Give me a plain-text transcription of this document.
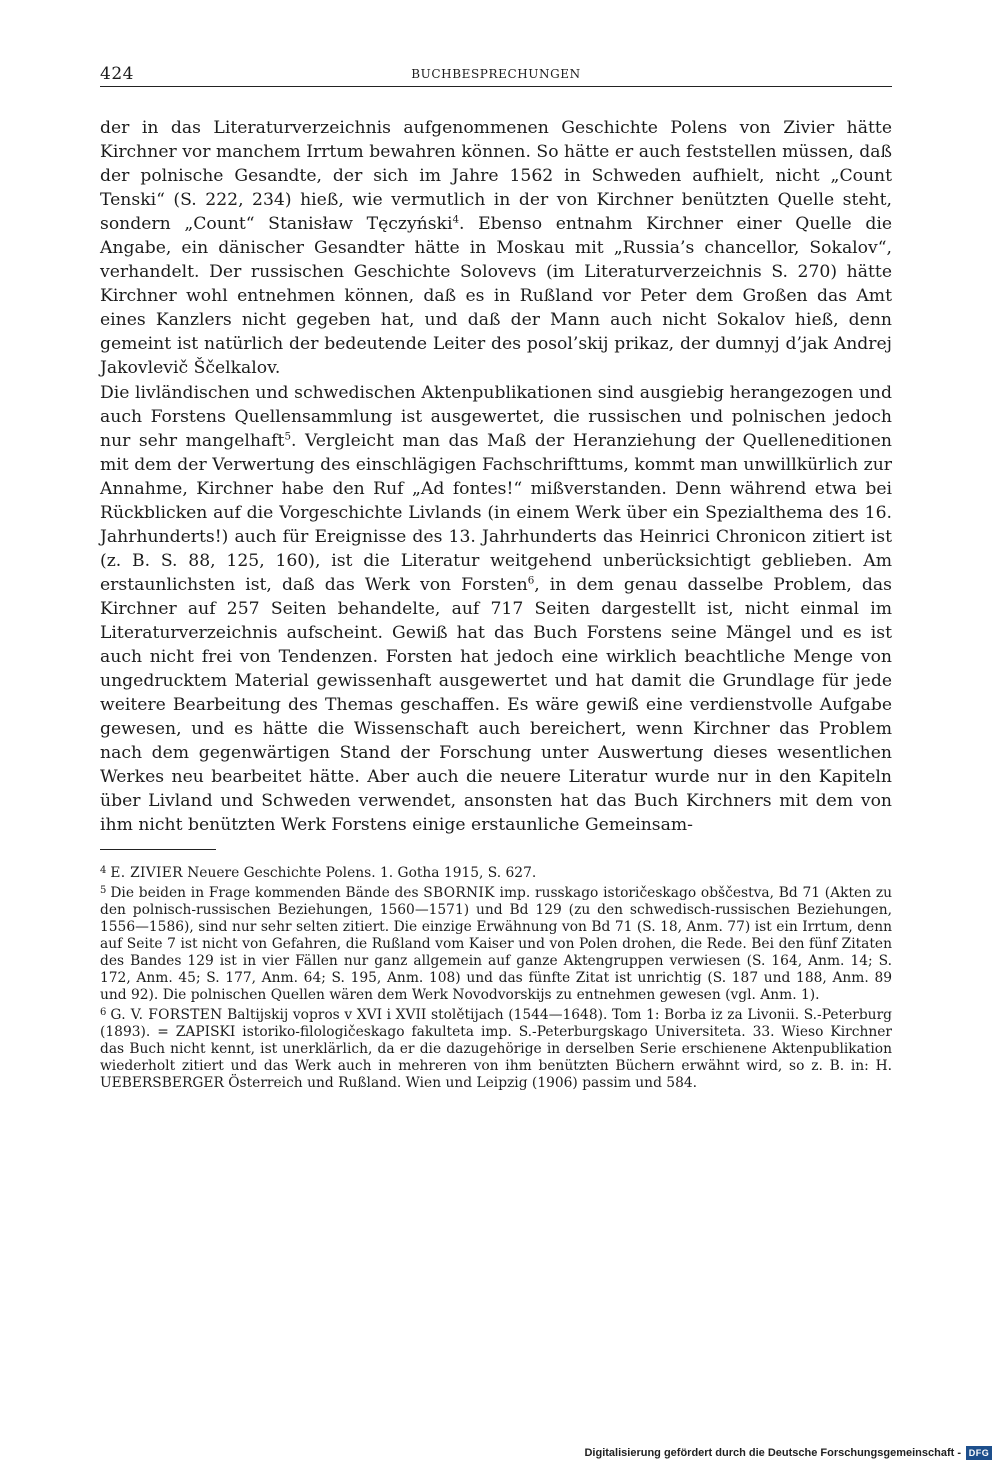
424	BUCHBESPRECHUNGEN

der in das Literaturverzeichnis aufgenommenen Geschichte Polens von Zivier hätte Kirchner vor manchem Irrtum bewahren können. So hätte er auch feststellen müssen, daß der polnische Gesandte, der sich im Jahre 1562 in Schweden aufhielt, nicht „Count Tenski“ (S. 222, 234) hieß, wie vermutlich in der von Kirchner benützten Quelle steht, sondern „Count“ Stanisław Tęczyński$^4$. Ebenso entnahm Kirchner einer Quelle die Angabe, ein dänischer Gesandter hätte in Moskau mit „Russia’s chancellor, Sokalov“, verhandelt. Der russischen Geschichte Solovevs (im Literaturverzeichnis S. 270) hätte Kirchner wohl entnehmen können, daß es in Rußland vor Peter dem Großen das Amt eines Kanzlers nicht gegeben hat, und daß der Mann auch nicht Sokalov hieß, denn gemeint ist natürlich der bedeutende Leiter des posol’skij prikaz, der dumnyj d’jak Andrej Jakovlevič Ščelkalov.

Die livländischen und schwedischen Aktenpublikationen sind ausgiebig herangezogen und auch Forstens Quellensammlung ist ausgewertet, die russischen und polnischen jedoch nur sehr mangelhaft$^5$. Vergleicht man das Maß der Heranziehung der Quelleneditionen mit dem der Verwertung des einschlägigen Fachschrifttums, kommt man unwillkürlich zur Annahme, Kirchner habe den Ruf „Ad fontes!“ mißverstanden. Denn während etwa bei Rückblicken auf die Vorgeschichte Livlands (in einem Werk über ein Spezialthema des 16. Jahrhunderts!) auch für Ereignisse des 13. Jahrhunderts das Heinrici Chronicon zitiert ist (z. B. S. 88, 125, 160), ist die Literatur weitgehend unberücksichtigt geblieben. Am erstaunlichsten ist, daß das Werk von Forsten$^6$, in dem genau dasselbe Problem, das Kirchner auf 257 Seiten behandelte, auf 717 Seiten dargestellt ist, nicht einmal im Literaturverzeichnis aufscheint. Gewiß hat das Buch Forstens seine Mängel und es ist auch nicht frei von Tendenzen. Forsten hat jedoch eine wirklich beachtliche Menge von ungedrucktem Material gewissenhaft ausgewertet und hat damit die Grundlage für jede weitere Bearbeitung des Themas geschaffen. Es wäre gewiß eine verdienstvolle Aufgabe gewesen, und es hätte die Wissenschaft auch bereichert, wenn Kirchner das Problem nach dem gegenwärtigen Stand der Forschung unter Auswertung dieses wesentlichen Werkes neu bearbeitet hätte. Aber auch die neuere Literatur wurde nur in den Kapiteln über Livland und Schweden verwendet, ansonsten hat das Buch Kirchners mit dem von ihm nicht benützten Werk Forstens einige erstaunliche Gemeinsam-

$^4$ E. ZIVIER Neuere Geschichte Polens. 1. Gotha 1915, S. 627.

$^5$ Die beiden in Frage kommenden Bände des SBORNIK imp. russkago istoričeskago obščestva, Bd 71 (Akten zu den polnisch-russischen Beziehungen, 1560—1571) und Bd 129 (zu den schwedisch-russischen Beziehungen, 1556—1586), sind nur sehr selten zitiert. Die einzige Erwähnung von Bd 71 (S. 18, Anm. 77) ist ein Irrtum, denn auf Seite 7 ist nicht von Gefahren, die Rußland vom Kaiser und von Polen drohen, die Rede. Bei den fünf Zitaten des Bandes 129 ist in vier Fällen nur ganz allgemein auf ganze Aktengruppen verwiesen (S. 164, Anm. 14; S. 172, Anm. 45; S. 177, Anm. 64; S. 195, Anm. 108) und das fünfte Zitat ist unrichtig (S. 187 und 188, Anm. 89 und 92). Die polnischen Quellen wären dem Werk Novodvorskijs zu entnehmen gewesen (vgl. Anm. 1).

$^6$ G. V. FORSTEN Baltijskij vopros v XVI i XVII stolětijach (1544—1648). Tom 1: Borba iz za Livonii. S.-Peterburg (1893). = ZAPISKI istoriko-filologičeskago fakulteta imp. S.-Peterburgskago Universiteta. 33. Wieso Kirchner das Buch nicht kennt, ist unerklärlich, da er die dazugehörige in derselben Serie erschienene Aktenpublikation wiederholt zitiert und das Werk auch in mehreren von ihm benützten Büchern erwähnt wird, so z. B. in: H. UEBERSBERGER Österreich und Rußland. Wien und Leipzig (1906) passim und 584.

Digitalisierung gefördert durch die Deutsche Forschungsgemeinschaft - DFG
